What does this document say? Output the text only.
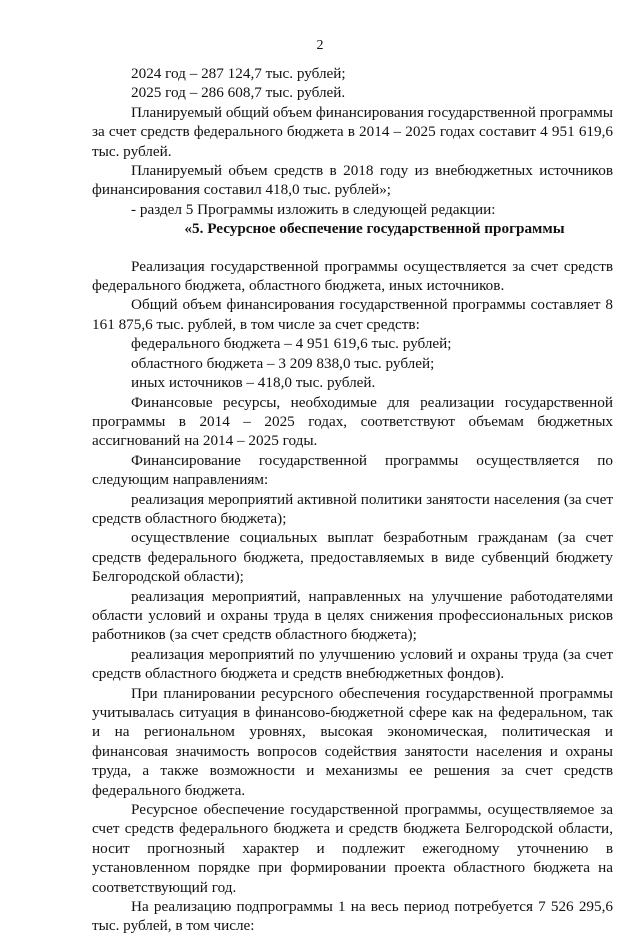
2

2024 год – 287 124,7 тыс. рублей;

2025 год – 286 608,7 тыс. рублей.

Планируемый общий объем финансирования государственной программы за счет средств федерального бюджета в 2014 – 2025 годах составит 4 951 619,6 тыс. рублей.

Планируемый объем средств в 2018 году из внебюджетных источников финансирования составил 418,0 тыс. рублей»;

- раздел 5 Программы изложить в следующей редакции:

«5. Ресурсное обеспечение государственной программы

Реализация государственной программы осуществляется за счет средств федерального бюджета, областного бюджета, иных источников.

Общий объем финансирования государственной программы составляет 8 161 875,6 тыс. рублей, в том числе за счет средств:

федерального бюджета – 4 951 619,6 тыс. рублей;

областного бюджета – 3 209 838,0 тыс. рублей;

иных источников – 418,0 тыс. рублей.

Финансовые ресурсы, необходимые для реализации государственной программы в 2014 – 2025 годах, соответствуют объемам бюджетных ассигнований на 2014 – 2025 годы.

Финансирование государственной программы осуществляется по следующим направлениям:

реализация мероприятий активной политики занятости населения (за счет средств областного бюджета);

осуществление социальных выплат безработным гражданам (за счет средств федерального бюджета, предоставляемых в виде субвенций бюджету Белгородской области);

реализация мероприятий, направленных на улучшение работодателями области условий и охраны труда в целях снижения профессиональных рисков работников (за счет средств областного бюджета);

реализация мероприятий по улучшению условий и охраны труда (за счет средств областного бюджета и средств внебюджетных фондов).

При планировании ресурсного обеспечения государственной программы учитывалась ситуация в финансово-бюджетной сфере как на федеральном, так и на региональном уровнях, высокая экономическая, политическая и финансовая значимость вопросов содействия занятости населения и охраны труда, а также возможности и механизмы ее решения за счет средств федерального бюджета.

Ресурсное обеспечение государственной программы, осуществляемое за счет средств федерального бюджета и средств бюджета Белгородской области, носит прогнозный характер и подлежит ежегодному уточнению в установленном порядке при формировании проекта областного бюджета на соответствующий год.

На реализацию подпрограммы 1 на весь период потребуется 7 526 295,6 тыс. рублей, в том числе:
